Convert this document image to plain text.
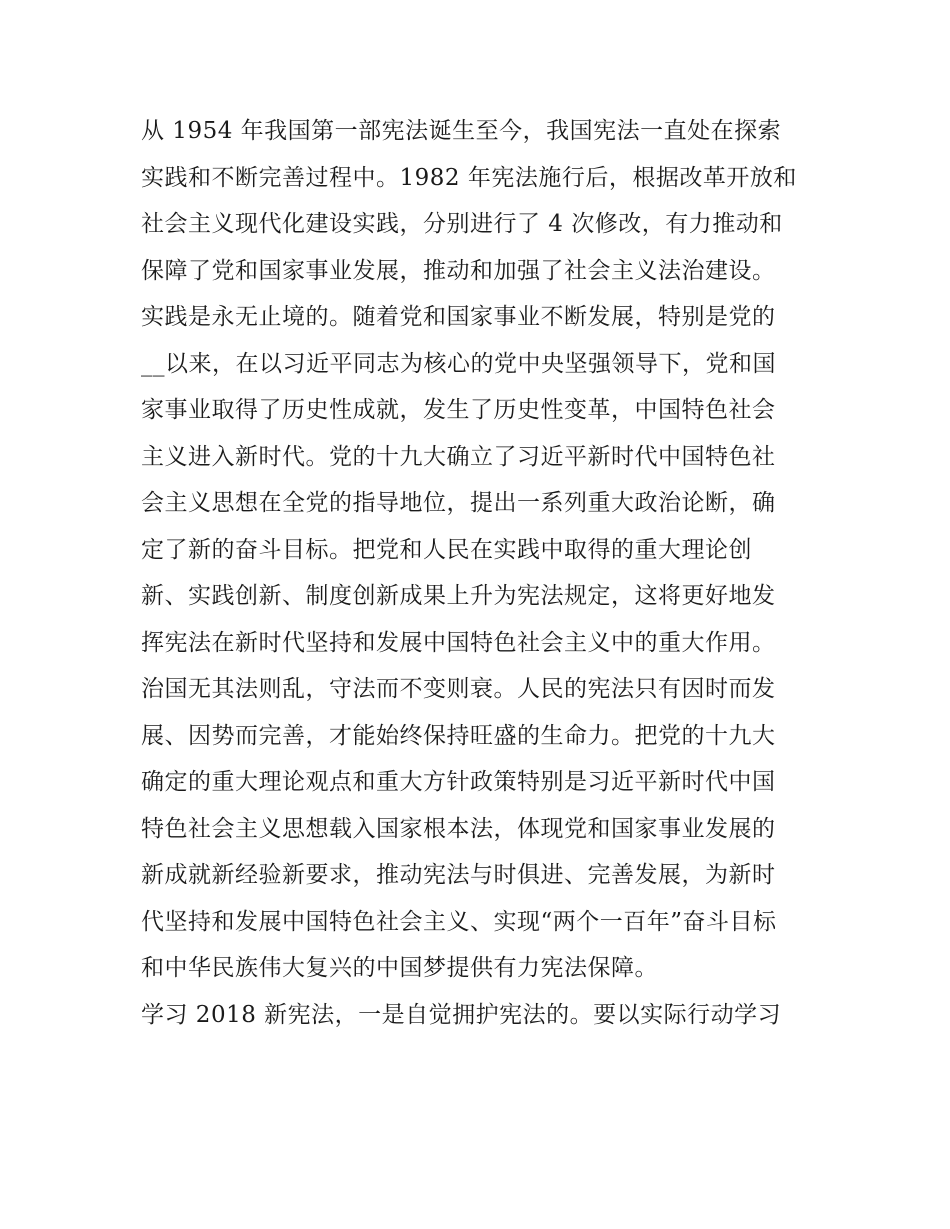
从 1954 年我国第一部宪法诞生至今，我国宪法一直处在探索
实践和不断完善过程中。1982 年宪法施行后，根据改革开放和
社会主义现代化建设实践，分别进行了 4 次修改，有力推动和
保障了党和国家事业发展，推动和加强了社会主义法治建设。
实践是永无止境的。随着党和国家事业不断发展，特别是党的
__以来，在以习近平同志为核心的党中央坚强领导下，党和国
家事业取得了历史性成就，发生了历史性变革，中国特色社会
主义进入新时代。党的十九大确立了习近平新时代中国特色社
会主义思想在全党的指导地位，提出一系列重大政治论断，确
定了新的奋斗目标。把党和人民在实践中取得的重大理论创
新、实践创新、制度创新成果上升为宪法规定，这将更好地发
挥宪法在新时代坚持和发展中国特色社会主义中的重大作用。
治国无其法则乱，守法而不变则衰。人民的宪法只有因时而发
展、因势而完善，才能始终保持旺盛的生命力。把党的十九大
确定的重大理论观点和重大方针政策特别是习近平新时代中国
特色社会主义思想载入国家根本法，体现党和国家事业发展的
新成就新经验新要求，推动宪法与时俱进、完善发展，为新时
代坚持和发展中国特色社会主义、实现“两个一百年”奋斗目标
和中华民族伟大复兴的中国梦提供有力宪法保障。
学习 2018 新宪法，一是自觉拥护宪法的。要以实际行动学习
